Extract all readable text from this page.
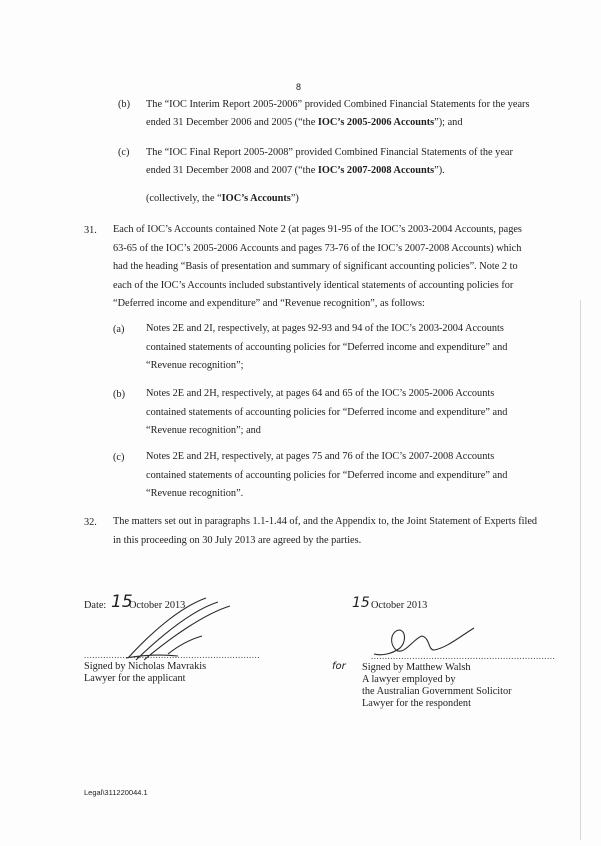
8
(b) The “IOC Interim Report 2005-2006” provided Combined Financial Statements for the years
ended 31 December 2006 and 2005 (“the IOC’s 2005-2006 Accounts”); and
(c) The “IOC Final Report 2005-2008” provided Combined Financial Statements of the year
ended 31 December 2008 and 2007 (“the IOC’s 2007-2008 Accounts”).
(collectively, the “IOC’s Accounts”)
31. Each of IOC’s Accounts contained Note 2 (at pages 91-95 of the IOC’s 2003-2004 Accounts, pages 63-65 of the IOC’s 2005-2006 Accounts and pages 73-76 of the IOC’s 2007-2008 Accounts) which had the heading “Basis of presentation and summary of significant accounting policies”. Note 2 to each of the IOC’s Accounts included substantively identical statements of accounting policies for “Deferred income and expenditure” and “Revenue recognition”, as follows:
(a) Notes 2E and 2I, respectively, at pages 92-93 and 94 of the IOC’s 2003-2004 Accounts contained statements of accounting policies for “Deferred income and expenditure” and “Revenue recognition”;
(b) Notes 2E and 2H, respectively, at pages 64 and 65 of the IOC’s 2005-2006 Accounts contained statements of accounting policies for “Deferred income and expenditure” and “Revenue recognition”; and
(c) Notes 2E and 2H, respectively, at pages 75 and 76 of the IOC’s 2007-2008 Accounts contained statements of accounting policies for “Deferred income and expenditure” and “Revenue recognition”.
32. The matters set out in paragraphs 1.1-1.44 of, and the Appendix to, the Joint Statement of Experts filed in this proceeding on 30 July 2013 are agreed by the parties.
Date: 15
October 2013
................................................................
Signed by Nicholas Mavrakis
Lawyer for the applicant
15 October 2013
...................................................................
for Signed by Matthew Walsh
A lawyer employed by
the Australian Government Solicitor
Lawyer for the respondent
Legal\311220044.1
